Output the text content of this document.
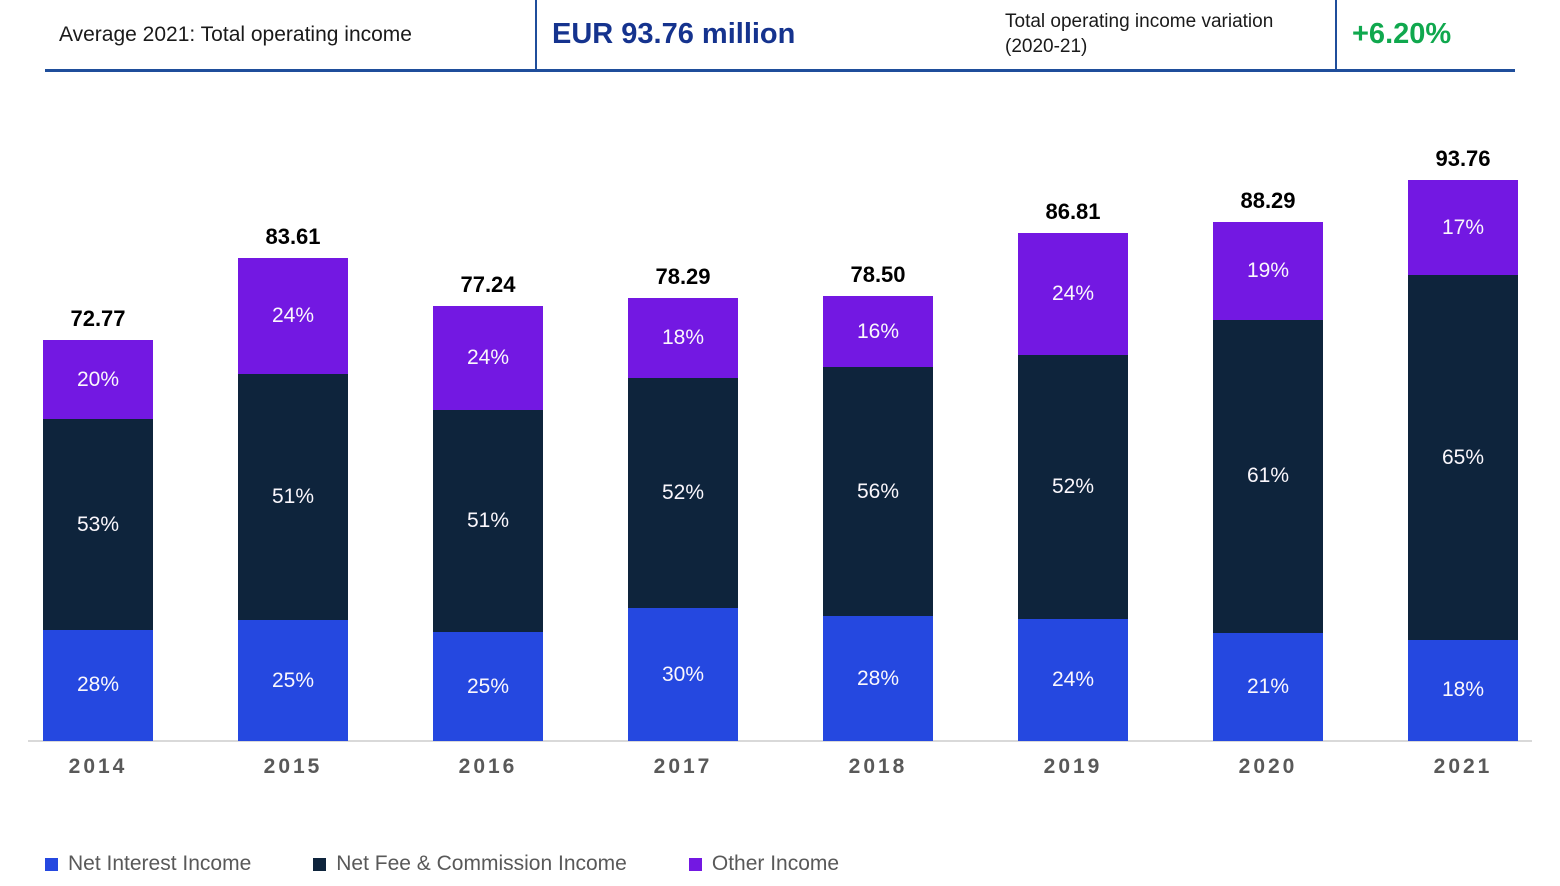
Average 2021: Total operating income	EUR 93.76 million	Total operating income variation (2020-21)	+6.20%
72.77
20%
53%
28%
83.61
24%
51%
25%
77.24
24%
51%
25%
78.29
18%
52%
30%
78.50
16%
56%
28%
86.81
24%
52%
24%
88.29
19%
61%
21%
93.76
17%
65%
18%
Net Interest Income	Net Fee & Commission Income	Other Income
2014	2015	2016	2017	2018	2019	2020	2021
